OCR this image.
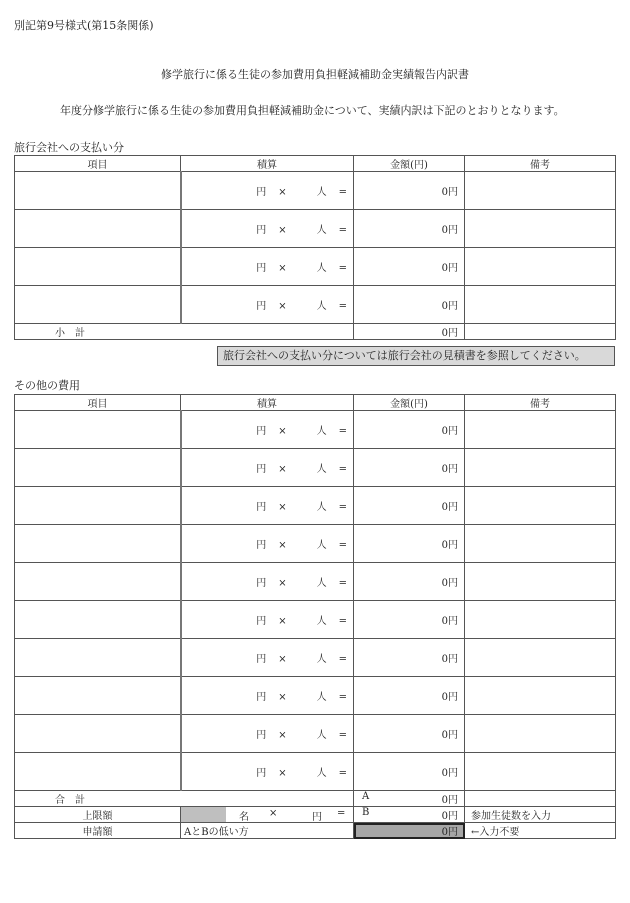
別記第9号様式(第15条関係)
修学旅行に係る生徒の参加費用負担軽減補助金実績報告内訳書
年度分修学旅行に係る生徒の参加費用負担軽減補助金について、実績内訳は下記のとおりとなります。
旅行会社への支払い分
項目	積算	金額(円)	備考
	円 × 人 =	0円	
	円 × 人 =	0円	
	円 × 人 =	0円	
	円 × 人 =	0円	
小　計		0円	
旅行会社への支払い分については旅行会社の見積書を参照してください。
その他の費用
項目	積算	金額(円)	備考
	円 × 人 =	0円	
	円 × 人 =	0円	
	円 × 人 =	0円	
	円 × 人 =	0円	
	円 × 人 =	0円	
	円 × 人 =	0円	
	円 × 人 =	0円	
	円 × 人 =	0円	
	円 × 人 =	0円	
	円 × 人 =	0円	
合　計		A 0円	

上限額	名 × 円 =	B 0円	参加生徒数を入力
申請額	AとBの低い方	0円	←入力不要
